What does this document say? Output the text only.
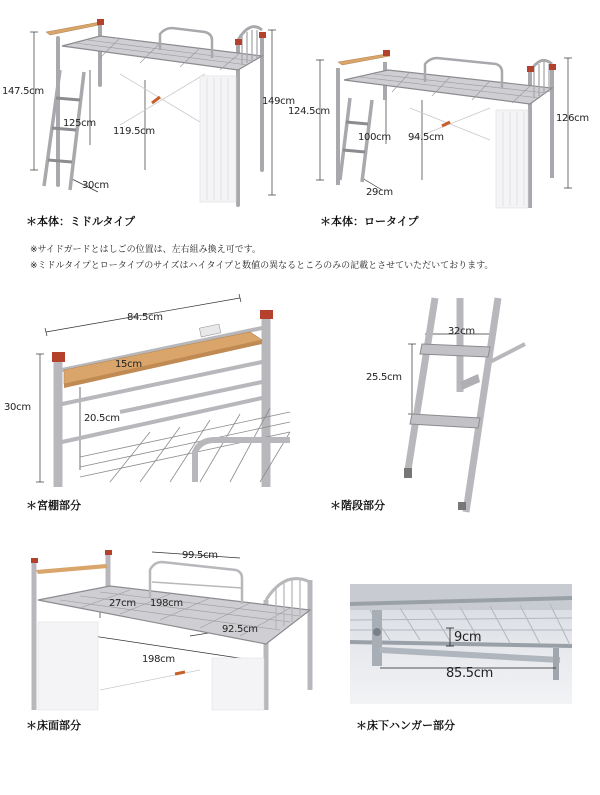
147.5cm
149cm
125cm
119.5cm
30cm
＊本体：ミドルタイプ
124.5cm
126cm
100cm 94.5cm
29cm
＊本体：ロータイプ
※サイドガードとはしごの位置は、左右組み換え可です。
※ミドルタイプとロータイプのサイズはハイタイプと数値の異なるところのみの記載とさせていただいております。
84.5cm
15cm
30cm
20.5cm
＊宮棚部分
32cm
25.5cm
＊階段部分
99.5cm
27cm 198cm
92.5cm
198cm
＊床面部分
9cm
85.5cm
＊床下ハンガー部分
